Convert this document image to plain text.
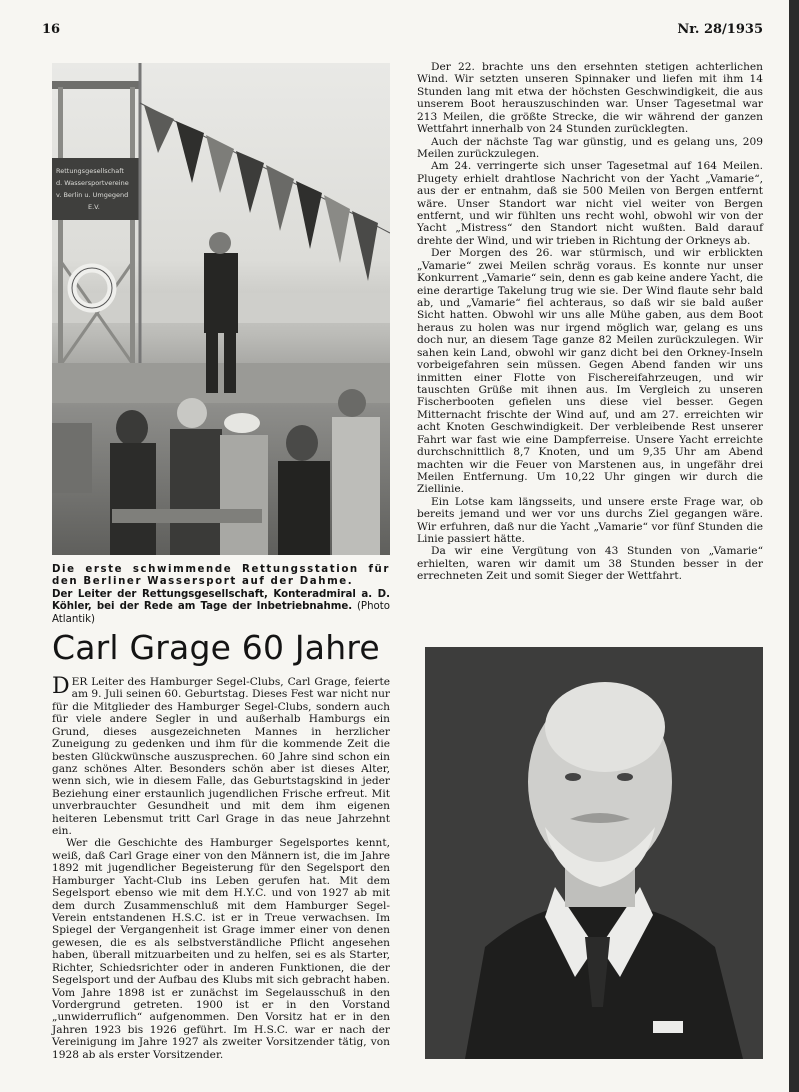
16	Nr. 28/1935
Rettungsgesellschaft
d. Wassersportvereine
v. Berlin u. Umgegend
E.V.
Die erste schwimmende Rettungsstation für den Berliner Wassersport auf der Dahme.
Der Leiter der Rettungsgesellschaft, Konteradmiral a. D. Köhler, bei der Rede am Tage der Inbetriebnahme. (Photo Atlantik)

Der 22. brachte uns den ersehnten stetigen achterlichen Wind. Wir setzten unseren Spinnaker und liefen mit ihm 14 Stunden lang mit etwa der höchsten Geschwindigkeit, die aus unserem Boot herauszuschinden war. Unser Tagesetmal war 213 Meilen, die größte Strecke, die wir während der ganzen Wettfahrt innerhalb von 24 Stunden zurücklegten.

Auch der nächste Tag war günstig, und es gelang uns, 209 Meilen zurückzulegen.

Am 24. verringerte sich unser Tagesetmal auf 164 Meilen. Plugety erhielt drahtlose Nachricht von der Yacht „Vamarie“, aus der er entnahm, daß sie 500 Meilen von Bergen entfernt wäre. Unser Standort war nicht viel weiter von Bergen entfernt, und wir fühlten uns recht wohl, obwohl wir von der Yacht „Mistress“ den Standort nicht wußten. Bald darauf drehte der Wind, und wir trieben in Richtung der Orkneys ab.

Der Morgen des 26. war stürmisch, und wir erblickten „Vamarie“ zwei Meilen schräg voraus. Es konnte nur unser Konkurrent „Vamarie“ sein, denn es gab keine andere Yacht, die eine derartige Takelung trug wie sie. Der Wind flaute sehr bald ab, und „Vamarie“ fiel achteraus, so daß wir sie bald außer Sicht hatten. Obwohl wir uns alle Mühe gaben, aus dem Boot heraus zu holen was nur irgend möglich war, gelang es uns doch nur, an diesem Tage ganze 82 Meilen zurückzulegen. Wir sahen kein Land, obwohl wir ganz dicht bei den Orkney-Inseln vorbeigefahren sein müssen. Gegen Abend fanden wir uns inmitten einer Flotte von Fischereifahrzeugen, und wir tauschten Grüße mit ihnen aus. Im Vergleich zu unseren Fischerbooten gefielen uns diese viel besser. Gegen Mitternacht frischte der Wind auf, und am 27. erreichten wir acht Knoten Geschwindigkeit. Der verbleibende Rest unserer Fahrt war fast wie eine Dampferreise. Unsere Yacht erreichte durchschnittlich 8,7 Knoten, und um 9,35 Uhr am Abend machten wir die Feuer von Marstenen aus, in ungefähr drei Meilen Entfernung. Um 10,22 Uhr gingen wir durch die Ziellinie.

Ein Lotse kam längsseits, und unsere erste Frage war, ob bereits jemand und wer vor uns durchs Ziel gegangen wäre. Wir erfuhren, daß nur die Yacht „Vamarie“ vor fünf Stunden die Linie passiert hätte.

Da wir eine Vergütung von 43 Stunden von „Vamarie“ erhielten, waren wir damit um 38 Stunden besser in der errechneten Zeit und somit Sieger der Wettfahrt.

Carl Grage 60 Jahre

DER Leiter des Hamburger Segel-Clubs, Carl Grage, feierte am 9. Juli seinen 60. Geburtstag. Dieses Fest war nicht nur für die Mitglieder des Hamburger Segel-Clubs, sondern auch für viele andere Segler in und außerhalb Hamburgs ein Grund, dieses ausgezeichneten Mannes in herzlicher Zuneigung zu gedenken und ihm für die kommende Zeit die besten Glückwünsche auszusprechen. 60 Jahre sind schon ein ganz schönes Alter. Besonders schön aber ist dieses Alter, wenn sich, wie in diesem Falle, das Geburtstagskind in jeder Beziehung einer erstaunlich jugendlichen Frische erfreut. Mit unverbrauchter Gesundheit und mit dem ihm eigenen heiteren Lebensmut tritt Carl Grage in das neue Jahrzehnt ein.

Wer die Geschichte des Hamburger Segelsportes kennt, weiß, daß Carl Grage einer von den Männern ist, die im Jahre 1892 mit jugendlicher Begeisterung für den Segelsport den Hamburger Yacht-Club ins Leben gerufen hat. Mit dem Segelsport ebenso wie mit dem H.Y.C. und von 1927 ab mit dem durch Zusammenschluß mit dem Hamburger Segel-Verein entstandenen H.S.C. ist er in Treue verwachsen. Im Spiegel der Vergangenheit ist Grage immer einer von denen gewesen, die es als selbstverständliche Pflicht angesehen haben, überall mitzuarbeiten und zu helfen, sei es als Starter, Richter, Schiedsrichter oder in anderen Funktionen, die der Segelsport und der Aufbau des Klubs mit sich gebracht haben. Vom Jahre 1898 ist er zunächst im Segelausschuß in den Vordergrund getreten. 1900 ist er in den Vorstand „unwiderruflich“ aufgenommen. Den Vorsitz hat er in den Jahren 1923 bis 1926 geführt. Im H.S.C. war er nach der Vereinigung im Jahre 1927 als zweiter Vorsitzender tätig, von 1928 ab als erster Vorsitzender.
